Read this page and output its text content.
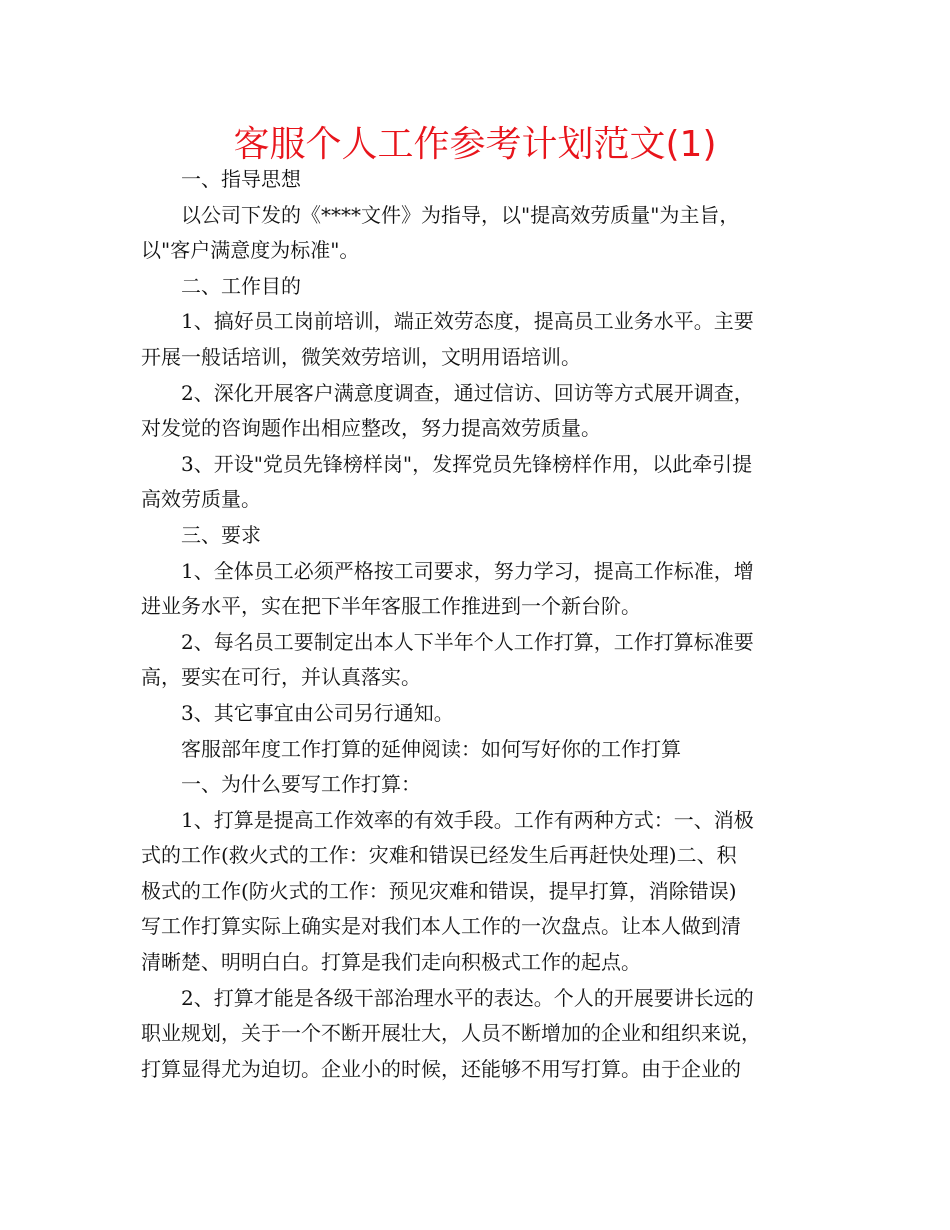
客服个人工作参考计划范文(1)
一、指导思想
以公司下发的《****文件》为指导，以"提高效劳质量"为主旨，
以"客户满意度为标准"。
二、工作目的
1、搞好员工岗前培训，端正效劳态度，提高员工业务水平。主要
开展一般话培训，微笑效劳培训，文明用语培训。
2、深化开展客户满意度调查，通过信访、回访等方式展开调查，
对发觉的咨询题作出相应整改，努力提高效劳质量。
3、开设"党员先锋榜样岗"，发挥党员先锋榜样作用，以此牵引提
高效劳质量。
三、要求
1、全体员工必须严格按工司要求，努力学习，提高工作标准，增
进业务水平，实在把下半年客服工作推进到一个新台阶。
2、每名员工要制定出本人下半年个人工作打算，工作打算标准要
高，要实在可行，并认真落实。
3、其它事宜由公司另行通知。
客服部年度工作打算的延伸阅读：如何写好你的工作打算
一、为什么要写工作打算：
1、打算是提高工作效率的有效手段。工作有两种方式：一、消极
式的工作(救火式的工作：灾难和错误已经发生后再赶快处理)二、积
极式的工作(防火式的工作：预见灾难和错误，提早打算，消除错误)
写工作打算实际上确实是对我们本人工作的一次盘点。让本人做到清
清晰楚、明明白白。打算是我们走向积极式工作的起点。
2、打算才能是各级干部治理水平的表达。个人的开展要讲长远的
职业规划，关于一个不断开展壮大，人员不断增加的企业和组织来说，
打算显得尤为迫切。企业小的时候，还能够不用写打算。由于企业的
